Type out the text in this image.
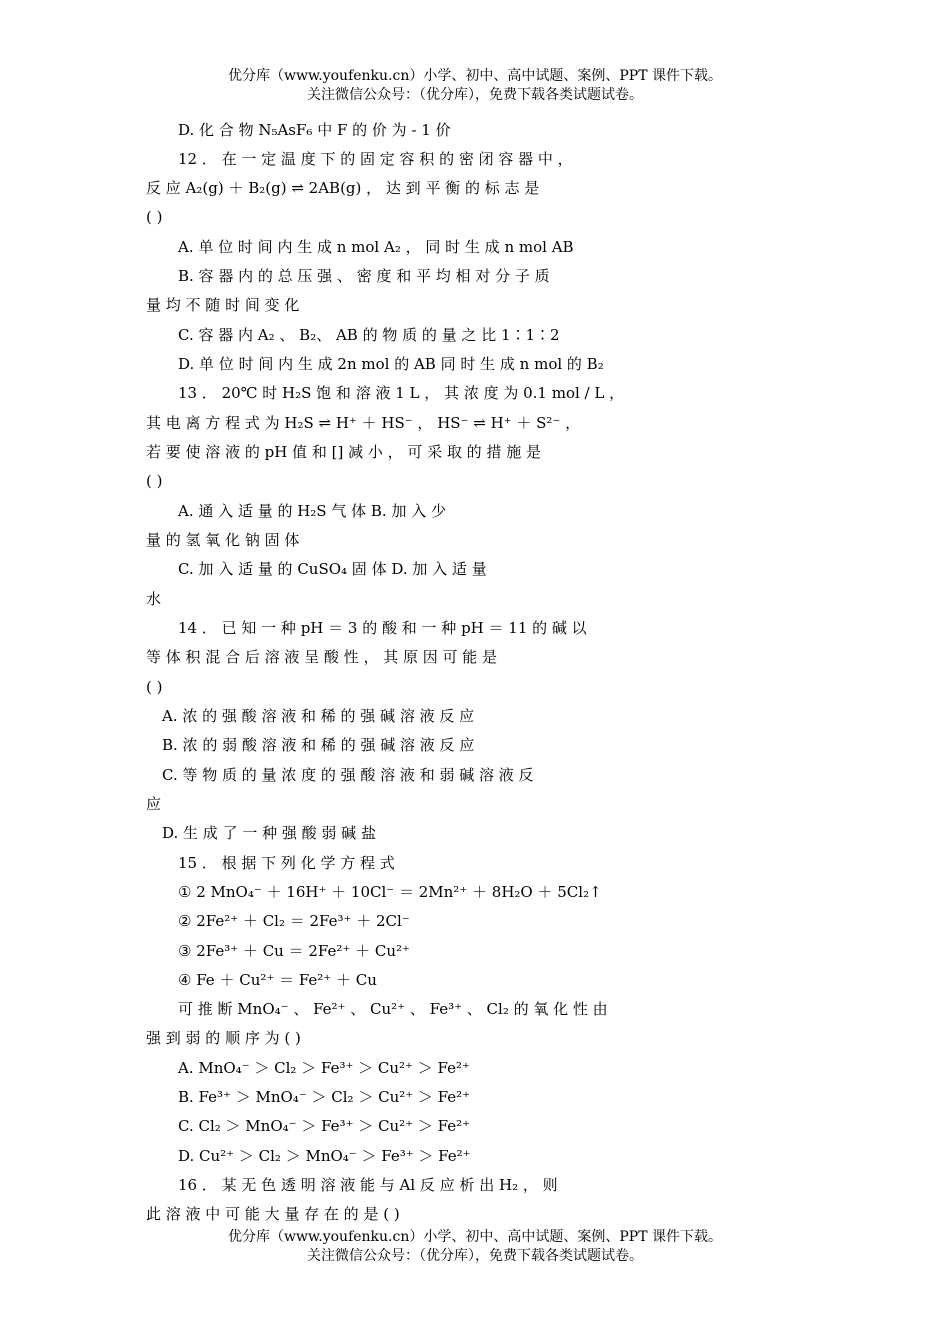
优分库（www.youfenku.cn）小学、初中、高中试题、案例、PPT 课件下载。
关注微信公众号：（优分库），免费下载各类试题试卷。
D. 化 合 物 N₅AsF₆ 中 F 的 价 为 - 1 价
12 ． 在 一 定 温 度 下 的 固 定 容 积 的 密 闭 容 器 中 ，
反 应 A₂(g) ＋ B₂(g) ⇌ 2AB(g) ， 达 到 平 衡 的 标 志 是
( )
A. 单 位 时 间 内 生 成 n mol A₂ ， 同 时 生 成 n mol AB
B. 容 器 内 的 总 压 强 、 密 度 和 平 均 相 对 分 子 质
量 均 不 随 时 间 变 化
C. 容 器 内 A₂ 、 B₂、 AB 的 物 质 的 量 之 比 1∶1∶2
D. 单 位 时 间 内 生 成 2n mol 的 AB 同 时 生 成 n mol 的 B₂
13 ． 20℃ 时 H₂S 饱 和 溶 液 1 L ， 其 浓 度 为 0.1 mol / L ，
其 电 离 方 程 式 为 H₂S ⇌ H⁺ ＋ HS⁻ ， HS⁻ ⇌ H⁺ ＋ S²⁻ ，
若 要 使 溶 液 的 pH 值 和 [] 减 小 ， 可 采 取 的 措 施 是
( )
A. 通 入 适 量 的 H₂S 气 体 B. 加 入 少
量 的 氢 氧 化 钠 固 体
C. 加 入 适 量 的 CuSO₄ 固 体 D. 加 入 适 量
水
14 ． 已 知 一 种 pH ＝ 3 的 酸 和 一 种 pH ＝ 11 的 碱 以
等 体 积 混 合 后 溶 液 呈 酸 性 ， 其 原 因 可 能 是
( )
A. 浓 的 强 酸 溶 液 和 稀 的 强 碱 溶 液 反 应
B. 浓 的 弱 酸 溶 液 和 稀 的 强 碱 溶 液 反 应
C. 等 物 质 的 量 浓 度 的 强 酸 溶 液 和 弱 碱 溶 液 反
应
D. 生 成 了 一 种 强 酸 弱 碱 盐
15 ． 根 据 下 列 化 学 方 程 式
① 2 MnO₄⁻ ＋ 16H⁺ ＋ 10Cl⁻ ＝ 2Mn²⁺ ＋ 8H₂O ＋ 5Cl₂↑
② 2Fe²⁺ ＋ Cl₂ ＝ 2Fe³⁺ ＋ 2Cl⁻
③ 2Fe³⁺ ＋ Cu ＝ 2Fe²⁺ ＋ Cu²⁺
④ Fe ＋ Cu²⁺ ＝ Fe²⁺ ＋ Cu
可 推 断 MnO₄⁻ 、 Fe²⁺ 、 Cu²⁺ 、 Fe³⁺ 、 Cl₂ 的 氧 化 性 由
强 到 弱 的 顺 序 为 ( )
A. MnO₄⁻ ＞ Cl₂ ＞ Fe³⁺ ＞ Cu²⁺ ＞ Fe²⁺
B. Fe³⁺ ＞ MnO₄⁻ ＞ Cl₂ ＞ Cu²⁺ ＞ Fe²⁺
C. Cl₂ ＞ MnO₄⁻ ＞ Fe³⁺ ＞ Cu²⁺ ＞ Fe²⁺
D. Cu²⁺ ＞ Cl₂ ＞ MnO₄⁻ ＞ Fe³⁺ ＞ Fe²⁺
16 ． 某 无 色 透 明 溶 液 能 与 Al 反 应 析 出 H₂ ， 则
此 溶 液 中 可 能 大 量 存 在 的 是 ( )
优分库（www.youfenku.cn）小学、初中、高中试题、案例、PPT 课件下载。
关注微信公众号：（优分库），免费下载各类试题试卷。
